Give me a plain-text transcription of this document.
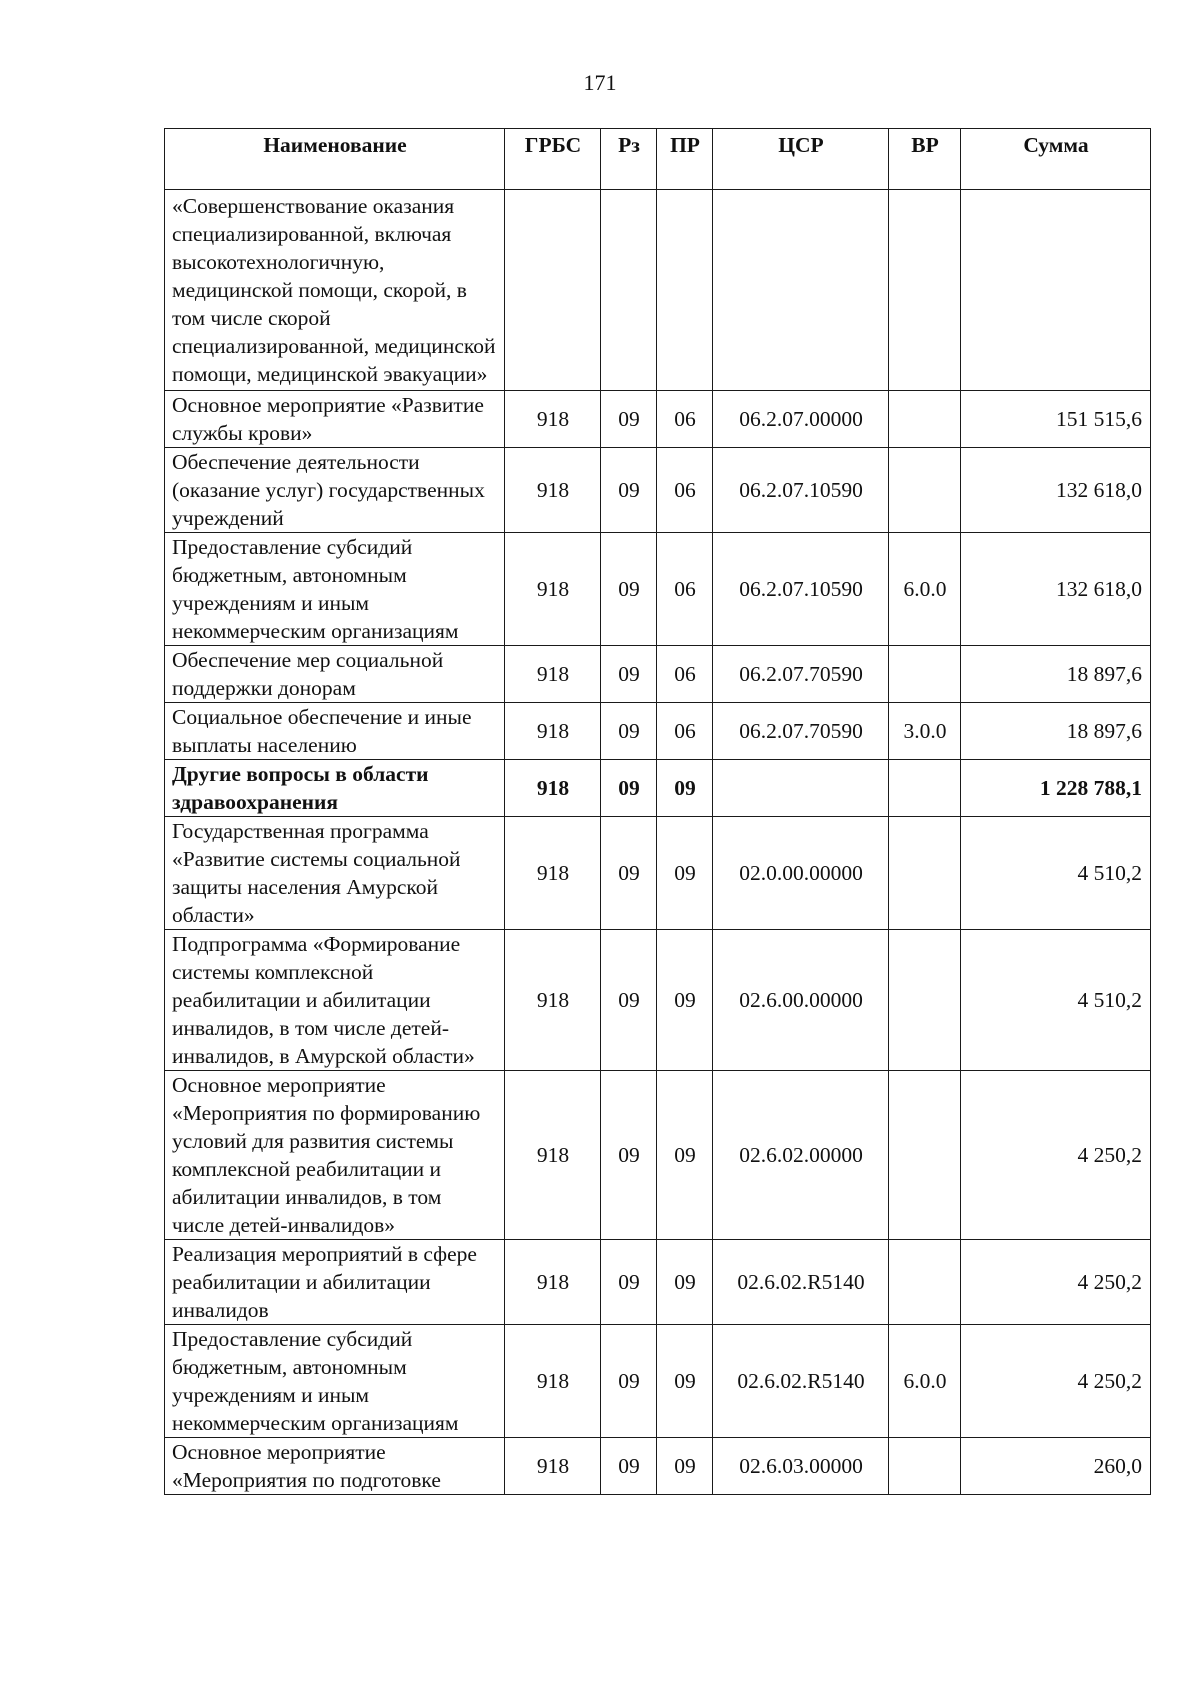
171
Наименование	ГРБС	Рз	ПР	ЦСР	ВР	Сумма
«Совершенствование оказания специализированной, включая высокотехнологичную, медицинской помощи, скорой, в том числе скорой специализированной, медицинской помощи, медицинской эвакуации»						
Основное мероприятие «Развитие службы крови»	918	09	06	06.2.07.00000		151 515,6
Обеспечение деятельности (оказание услуг) государственных учреждений	918	09	06	06.2.07.10590		132 618,0
Предоставление субсидий бюджетным, автономным учреждениям и иным некоммерческим организациям	918	09	06	06.2.07.10590	6.0.0	132 618,0
Обеспечение мер социальной поддержки донорам	918	09	06	06.2.07.70590		18 897,6
Социальное обеспечение и иные выплаты населению	918	09	06	06.2.07.70590	3.0.0	18 897,6
Другие вопросы в области здравоохранения	918	09	09			1 228 788,1
Государственная программа «Развитие системы социальной защиты населения Амурской области»	918	09	09	02.0.00.00000		4 510,2
Подпрограмма «Формирование системы комплексной реабилитации и абилитации инвалидов, в том числе детей-инвалидов, в Амурской области»	918	09	09	02.6.00.00000		4 510,2
Основное мероприятие «Мероприятия по формированию условий для развития системы комплексной реабилитации и абилитации инвалидов, в том числе детей-инвалидов»	918	09	09	02.6.02.00000		4 250,2
Реализация мероприятий в сфере реабилитации и абилитации инвалидов	918	09	09	02.6.02.R5140		4 250,2
Предоставление субсидий бюджетным, автономным учреждениям и иным некоммерческим организациям	918	09	09	02.6.02.R5140	6.0.0	4 250,2
Основное мероприятие «Мероприятия по подготовке	918	09	09	02.6.03.00000		260,0
